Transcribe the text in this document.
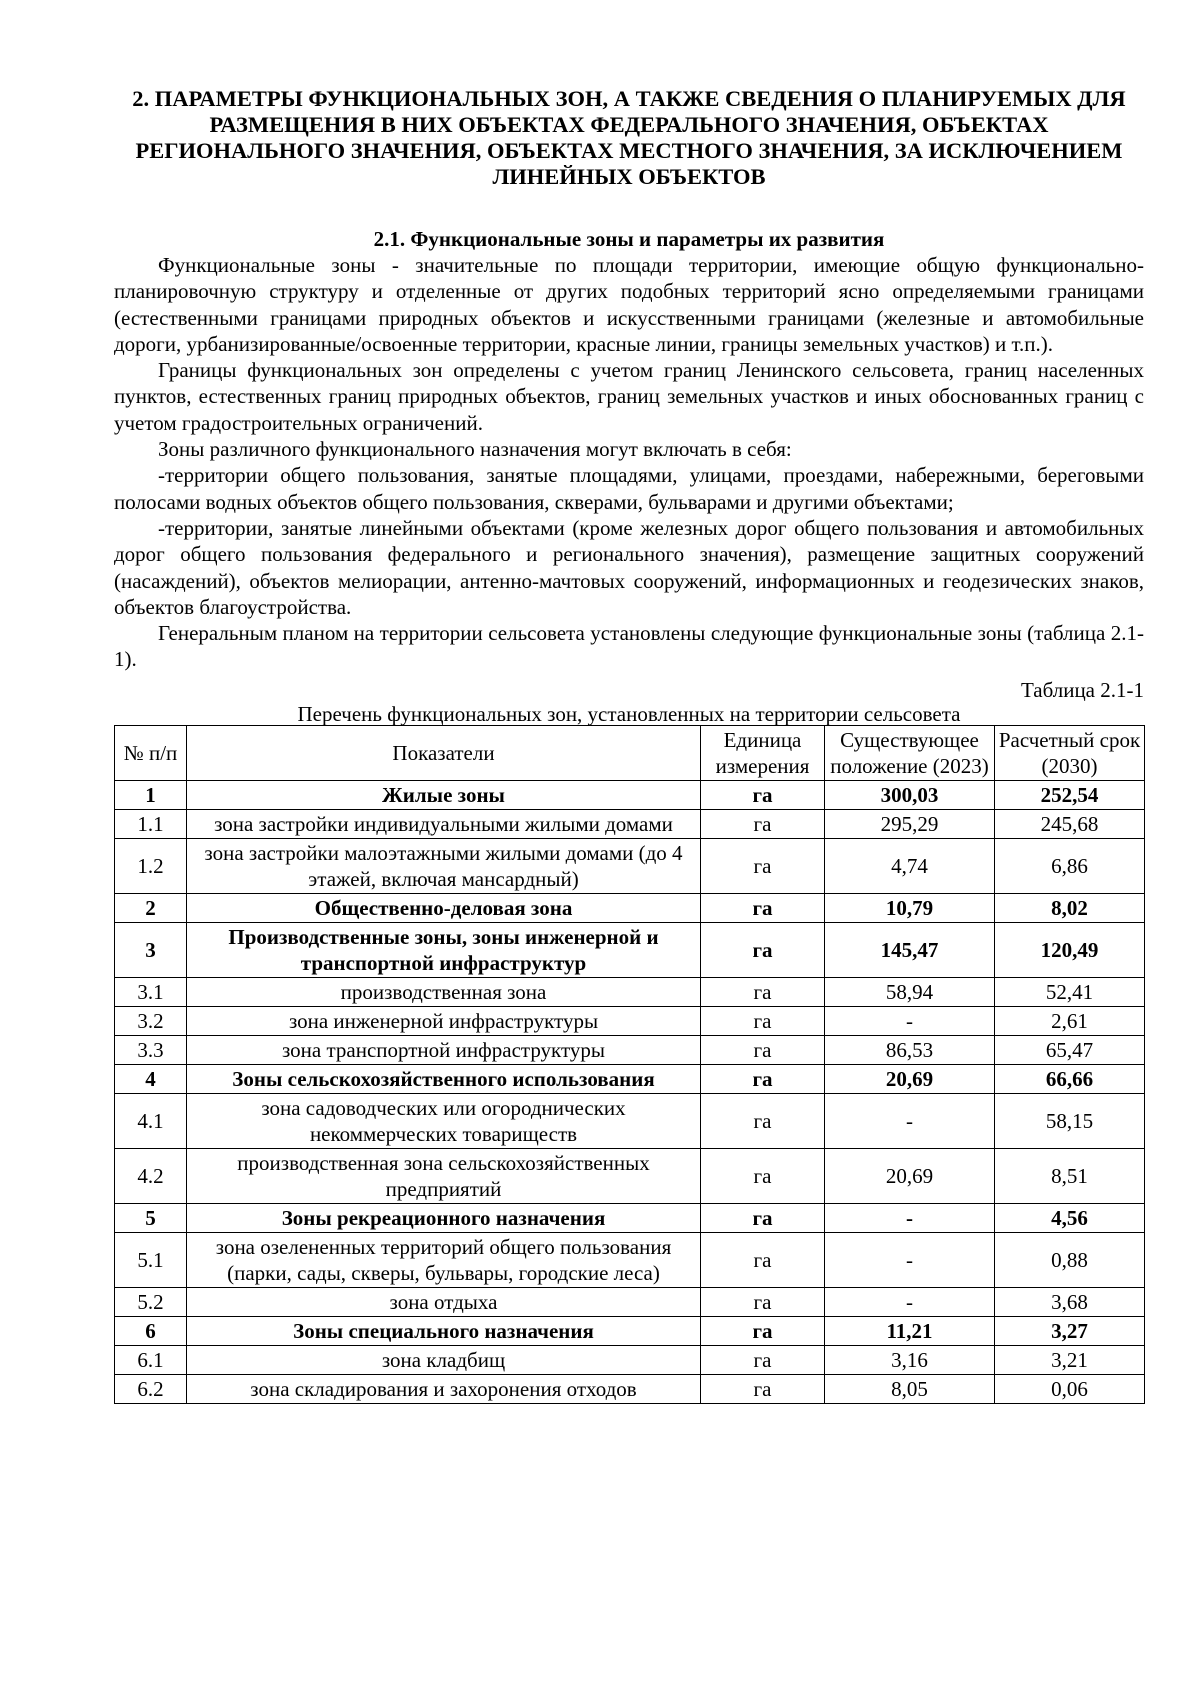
2. ПАРАМЕТРЫ ФУНКЦИОНАЛЬНЫХ ЗОН, А ТАКЖЕ СВЕДЕНИЯ О ПЛАНИРУЕМЫХ ДЛЯ РАЗМЕЩЕНИЯ В НИХ ОБЪЕКТАХ ФЕДЕРАЛЬНОГО ЗНАЧЕНИЯ, ОБЪЕКТАХ РЕГИОНАЛЬНОГО ЗНАЧЕНИЯ, ОБЪЕКТАХ МЕСТНОГО ЗНАЧЕНИЯ, ЗА ИСКЛЮЧЕНИЕМ ЛИНЕЙНЫХ ОБЪЕКТОВ

2.1. Функциональные зоны и параметры их развития

Функциональные зоны - значительные по площади территории, имеющие общую функционально-планировочную структуру и отделенные от других подобных территорий ясно определяемыми границами (естественными границами природных объектов и искусственными границами (железные и автомобильные дороги, урбанизированные/освоенные территории, красные линии, границы земельных участков) и т.п.).

Границы функциональных зон определены с учетом границ Ленинского сельсовета, границ населенных пунктов, естественных границ природных объектов, границ земельных участков и иных обоснованных границ с учетом градостроительных ограничений.

Зоны различного функционального назначения могут включать в себя:

-территории общего пользования, занятые площадями, улицами, проездами, набережными, береговыми полосами водных объектов общего пользования, скверами, бульварами и другими объектами;

-территории, занятые линейными объектами (кроме железных дорог общего пользования и автомобильных дорог общего пользования федерального и регионального значения), размещение защитных сооружений (насаждений), объектов мелиорации, антенно-мачтовых сооружений, информационных и геодезических знаков, объектов благоустройства.

Генеральным планом на территории сельсовета установлены следующие функциональные зоны (таблица 2.1-1).

Таблица 2.1-1

Перечень функциональных зон, установленных на территории сельсовета

№ п/п	Показатели	Единица измерения	Существующее положение (2023)	Расчетный срок (2030)
1	Жилые зоны	га	300,03	252,54
1.1	зона застройки индивидуальными жилыми домами	га	295,29	245,68
1.2	зона застройки малоэтажными жилыми домами (до 4 этажей, включая мансардный)	га	4,74	6,86
2	Общественно-деловая зона	га	10,79	8,02
3	Производственные зоны, зоны инженерной и транспортной инфраструктур	га	145,47	120,49
3.1	производственная зона	га	58,94	52,41
3.2	зона инженерной инфраструктуры	га	-	2,61
3.3	зона транспортной инфраструктуры	га	86,53	65,47
4	Зоны сельскохозяйственного использования	га	20,69	66,66
4.1	зона садоводческих или огороднических некоммерческих товариществ	га	-	58,15
4.2	производственная зона сельскохозяйственных предприятий	га	20,69	8,51
5	Зоны рекреационного назначения	га	-	4,56
5.1	зона озелененных территорий общего пользования (парки, сады, скверы, бульвары, городские леса)	га	-	0,88
5.2	зона отдыха	га	-	3,68
6	Зоны специального назначения	га	11,21	3,27
6.1	зона кладбищ	га	3,16	3,21
6.2	зона складирования и захоронения отходов	га	8,05	0,06
